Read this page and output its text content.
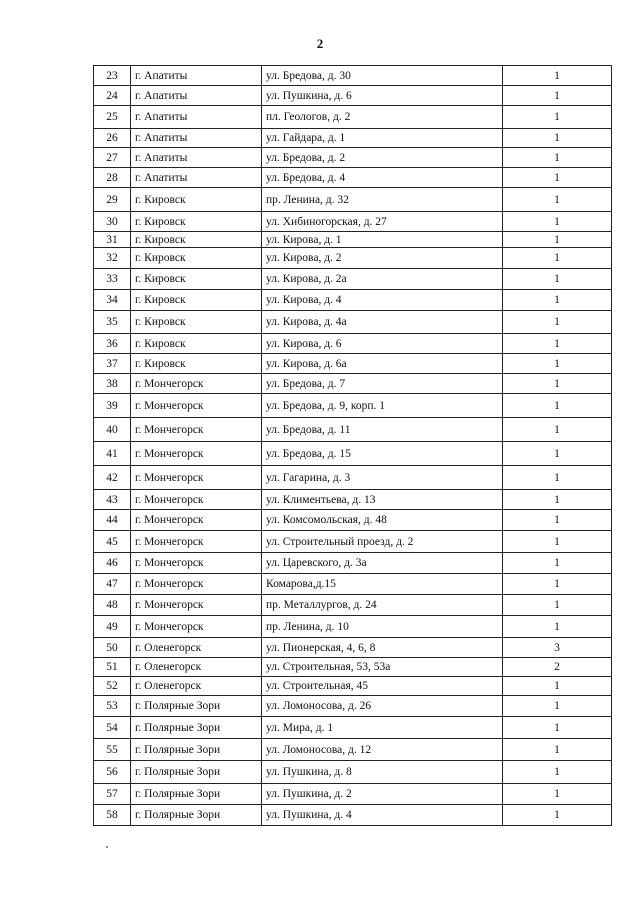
2
23	г. Апатиты	ул. Бредова, д. 30	1
24	г. Апатиты	ул. Пушкина, д. 6	1
25	г. Апатиты	пл. Геологов, д. 2	1
26	г. Апатиты	ул. Гайдара, д. 1	1
27	г. Апатиты	ул. Бредова, д. 2	1
28	г. Апатиты	ул. Бредова, д. 4	1
29	г. Кировск	пр. Ленина, д. 32	1
30	г. Кировск	ул. Хибиногорская, д. 27	1
31	г. Кировск	ул. Кирова, д. 1	1
32	г. Кировск	ул. Кирова, д. 2	1
33	г. Кировск	ул. Кирова, д. 2а	1
34	г. Кировск	ул. Кирова, д. 4	1
35	г. Кировск	ул. Кирова, д. 4а	1
36	г. Кировск	ул. Кирова, д. 6	1
37	г. Кировск	ул. Кирова, д. 6а	1
38	г. Мончегорск	ул. Бредова, д. 7	1
39	г. Мончегорск	ул. Бредова, д. 9, корп. 1	1
40	г. Мончегорск	ул. Бредова, д. 11	1
41	г. Мончегорск	ул. Бредова, д. 15	1
42	г. Мончегорск	ул. Гагарина, д. 3	1
43	г. Мончегорск	ул. Климентьева, д. 13	1
44	г. Мончегорск	ул. Комсомольская, д. 48	1
45	г. Мончегорск	ул. Строительный проезд, д. 2	1
46	г. Мончегорск	ул. Царевского, д. 3а	1
47	г. Мончегорск	Комарова,д.15	1
48	г. Мончегорск	пр. Металлургов, д. 24	1
49	г. Мончегорск	пр. Ленина, д. 10	1
50	г. Оленегорск	ул. Пионерская, 4, 6, 8	3
51	г. Оленегорск	ул. Строительная, 53, 53а	2
52	г. Оленегорск	ул. Строительная, 45	1
53	г. Полярные Зори	ул. Ломоносова, д. 26	1
54	г. Полярные Зори	ул. Мира, д. 1	1
55	г. Полярные Зори	ул. Ломоносова, д. 12	1
56	г. Полярные Зори	ул. Пушкина, д. 8	1
57	г. Полярные Зори	ул. Пушкина, д. 2	1
58	г. Полярные Зори	ул. Пушкина, д. 4	1
